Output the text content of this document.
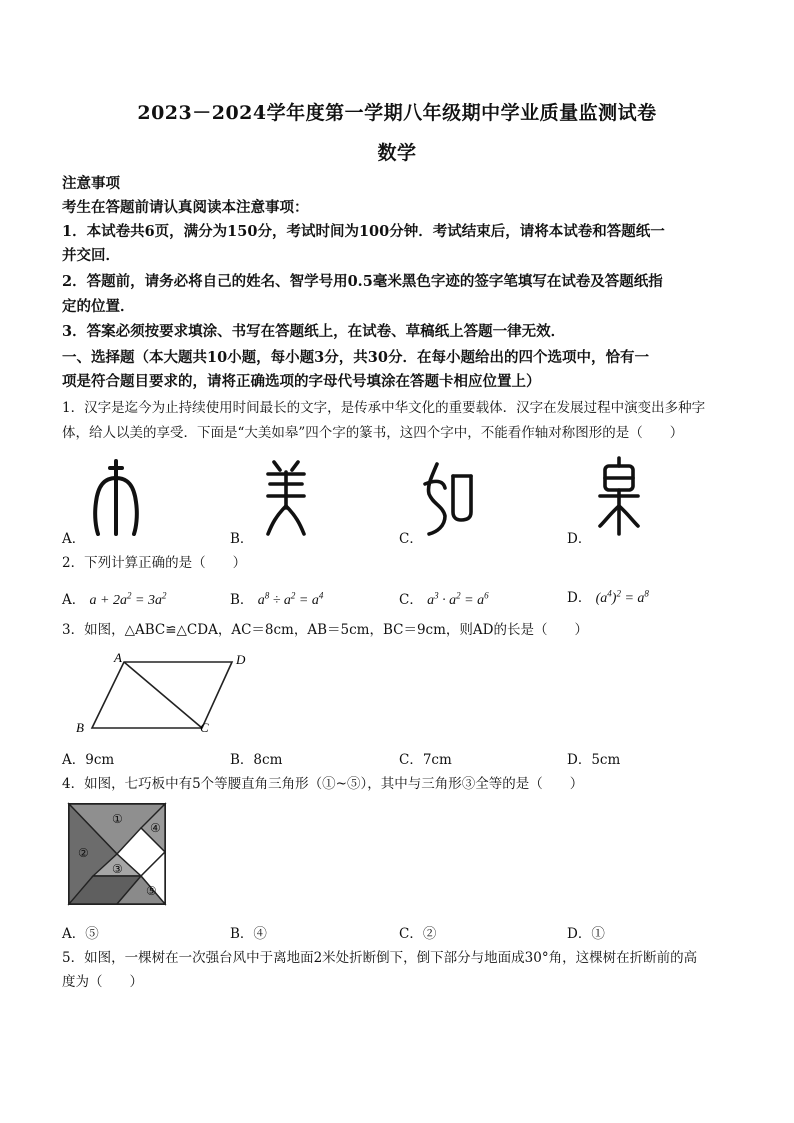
2023－2024学年度第一学期八年级期中学业质量监测试卷
数学
注意事项
考生在答题前请认真阅读本注意事项：
1．本试卷共6页，满分为150分，考试时间为100分钟．考试结束后，请将本试卷和答题纸一
并交回．
2．答题前，请务必将自己的姓名、智学号用0.5毫米黑色字迹的签字笔填写在试卷及答题纸指
定的位置．
3．答案必须按要求填涂、书写在答题纸上，在试卷、草稿纸上答题一律无效．
一、选择题（本大题共10小题，每小题3分，共30分．在每小题给出的四个选项中，恰有一
项是符合题目要求的，请将正确选项的字母代号填涂在答题卡相应位置上）
1．汉字是迄今为止持续使用时间最长的文字，是传承中华文化的重要载体．汉字在发展过程中演变出多种字
体，给人以美的享受．下面是“大美如皋”四个字的篆书，这四个字中，不能看作轴对称图形的是（　　）
A．	B．	C．	D．
2．下列计算正确的是（　　）
A． $a + 2a^2 = 3a^2$	B． $a^8 \div a^2 = a^4$	C． $a^3 \cdot a^2 = a^6$	D． $(a^4)^2 = a^8$
3．如图，△ABC≌△CDA，AC＝8cm，AB＝5cm，BC＝9cm，则AD的长是（　　）
A	D
B	C
A．9cm	B．8cm	C．7cm	D．5cm
4．如图，七巧板中有5个等腰直角三角形（①~⑤），其中与三角形③全等的是（　　）
①
②
③
④
⑤
A．⑤	B．④	C．②	D．①
5．如图，一棵树在一次强台风中于离地面2米处折断倒下，倒下部分与地面成30°角，这棵树在折断前的高
度为（　　）
